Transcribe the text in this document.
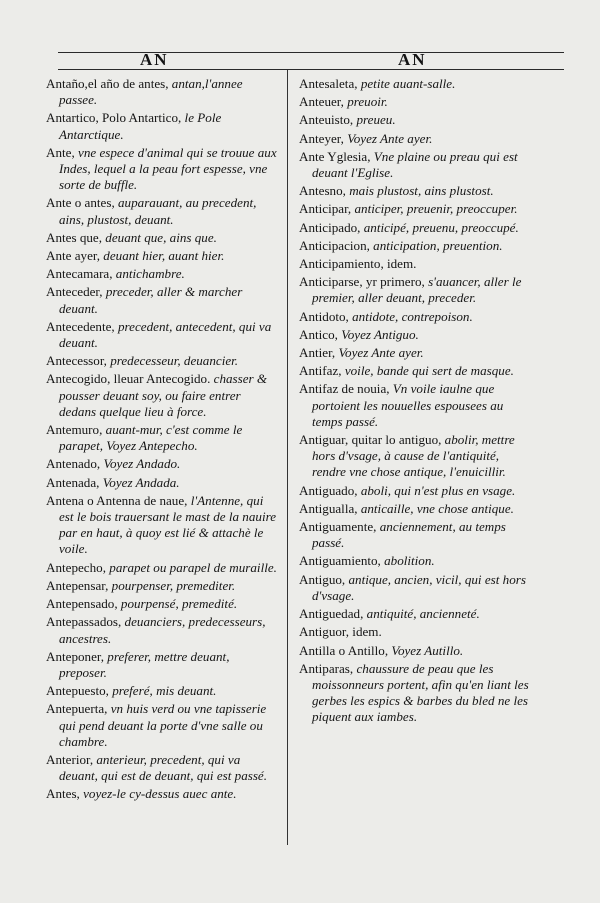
AN	AN
Antaño,el año de antes, antan,l'annee passee.
Antartico, Polo Antartico, le Pole Antarctique.
Ante, vne espece d'animal qui se trouue aux Indes, lequel a la peau fort espesse, vne sorte de buffle.
Ante o antes, auparauant, au precedent, ains, plustost, deuant.
Antes que, deuant que, ains que.
Ante ayer, deuant hier, auant hier.
Antecamara, antichambre.
Anteceder, preceder, aller & marcher deuant.
Antecedente, precedent, antecedent, qui va deuant.
Antecessor, predecesseur, deuancier.
Antecogido, lleuar Antecogido. chasser & pousser deuant soy, ou faire entrer dedans quelque lieu à force.
Antemuro, auant-mur, c'est comme le parapet, Voyez Antepecho.
Antenado, Voyez Andado.
Antenada, Voyez Andada.
Antena o Antenna de naue, l'Antenne, qui est le bois trauersant le mast de la nauire par en haut, à quoy est lié & attachè le voile.
Antepecho, parapet ou parapel de muraille.
Antepensar, pourpenser, premediter.
Antepensado, pourpensé, premedité.
Antepassados, deuanciers, predecesseurs, ancestres.
Anteponer, preferer, mettre deuant, preposer.
Antepuesto, preferé, mis deuant.
Antepuerta, vn huis verd ou vne tapisserie qui pend deuant la porte d'vne salle ou chambre.
Anterior, anterieur, precedent, qui va deuant, qui est de deuant, qui est passé.
Antes, voyez-le cy-dessus auec ante.
Antesaleta, petite auant-salle.
Anteuer, preuoir.
Anteuisto, preueu.
Anteyer, Voyez Ante ayer.
Ante Yglesia, Vne plaine ou preau qui est deuant l'Eglise.
Antesno, mais plustost, ains plustost.
Anticipar, anticiper, preuenir, preoccuper.
Anticipado, anticipé, preuenu, preoccupé.
Anticipacion, anticipation, preuention.
Anticipamiento, idem.
Anticiparse, yr primero, s'auancer, aller le premier, aller deuant, preceder.
Antidoto, antidote, contrepoison.
Antico, Voyez Antiguo.
Antier, Voyez Ante ayer.
Antifaz, voile, bande qui sert de masque.
Antifaz de nouia, Vn voile iaulne que portoient les nouuelles espousees au temps passé.
Antiguar, quitar lo antiguo, abolir, mettre hors d'vsage, à cause de l'antiquité, rendre vne chose antique, l'enuicillir.
Antiguado, aboli, qui n'est plus en vsage.
Antigualla, anticaille, vne chose antique.
Antiguamente, anciennement, au temps passé.
Antiguamiento, abolition.
Antiguo, antique, ancien, vicil, qui est hors d'vsage.
Antiguedad, antiquité, ancienneté.
Antiguor, idem.
Antilla o Antillo, Voyez Autillo.
Antiparas, chaussure de peau que les moissonneurs portent, afin qu'en liant les gerbes les espics & barbes du bled ne les piquent aux iambes.
